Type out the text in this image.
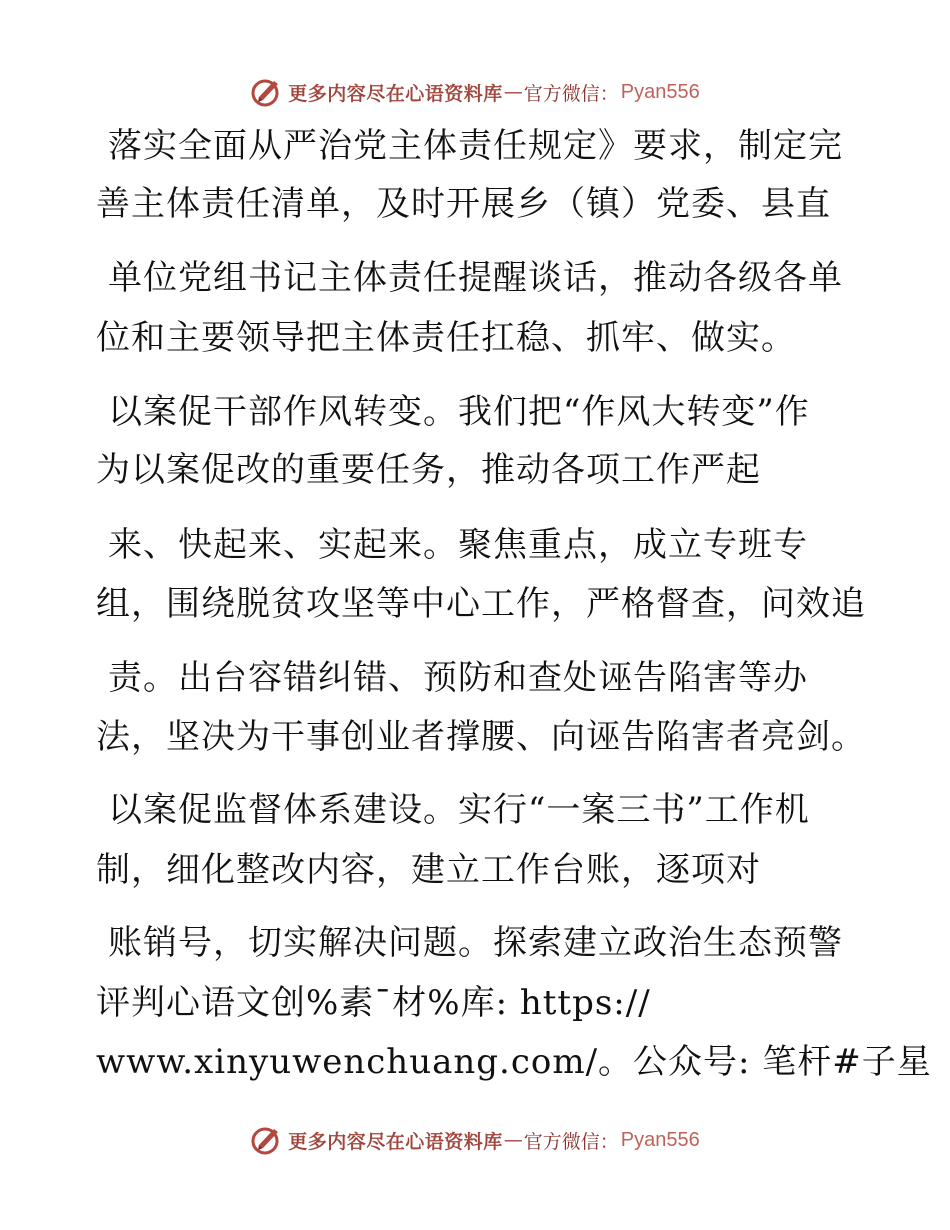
更多内容尽在心语资料库 — 官方微信： Pyan556
落实全面从严治党主体责任规定》要求，制定完
善主体责任清单，及时开展乡（镇）党委、县直
单位党组书记主体责任提醒谈话，推动各级各单
位和主要领导把主体责任扛稳、抓牢、做实。
以案促干部作风转变。我们把“作风大转变”作
为以案促改的重要任务，推动各项工作严起
来、快起来、实起来。聚焦重点，成立专班专
组，围绕脱贫攻坚等中心工作，严格督查，问效追
责。出台容错纠错、预防和查处诬告陷害等办
法，坚决为干事创业者撑腰、向诬告陷害者亮剑。
以案促监督体系建设。实行“一案三书”工作机
制，细化整改内容，建立工作台账，逐项对
账销号，切实解决问题。探索建立政治生态预警
评判心语文创%素¯材%库: https://
www.xinyuwenchuang.com/。公众号: 笔杆#子星
更多内容尽在心语资料库 — 官方微信： Pyan556
